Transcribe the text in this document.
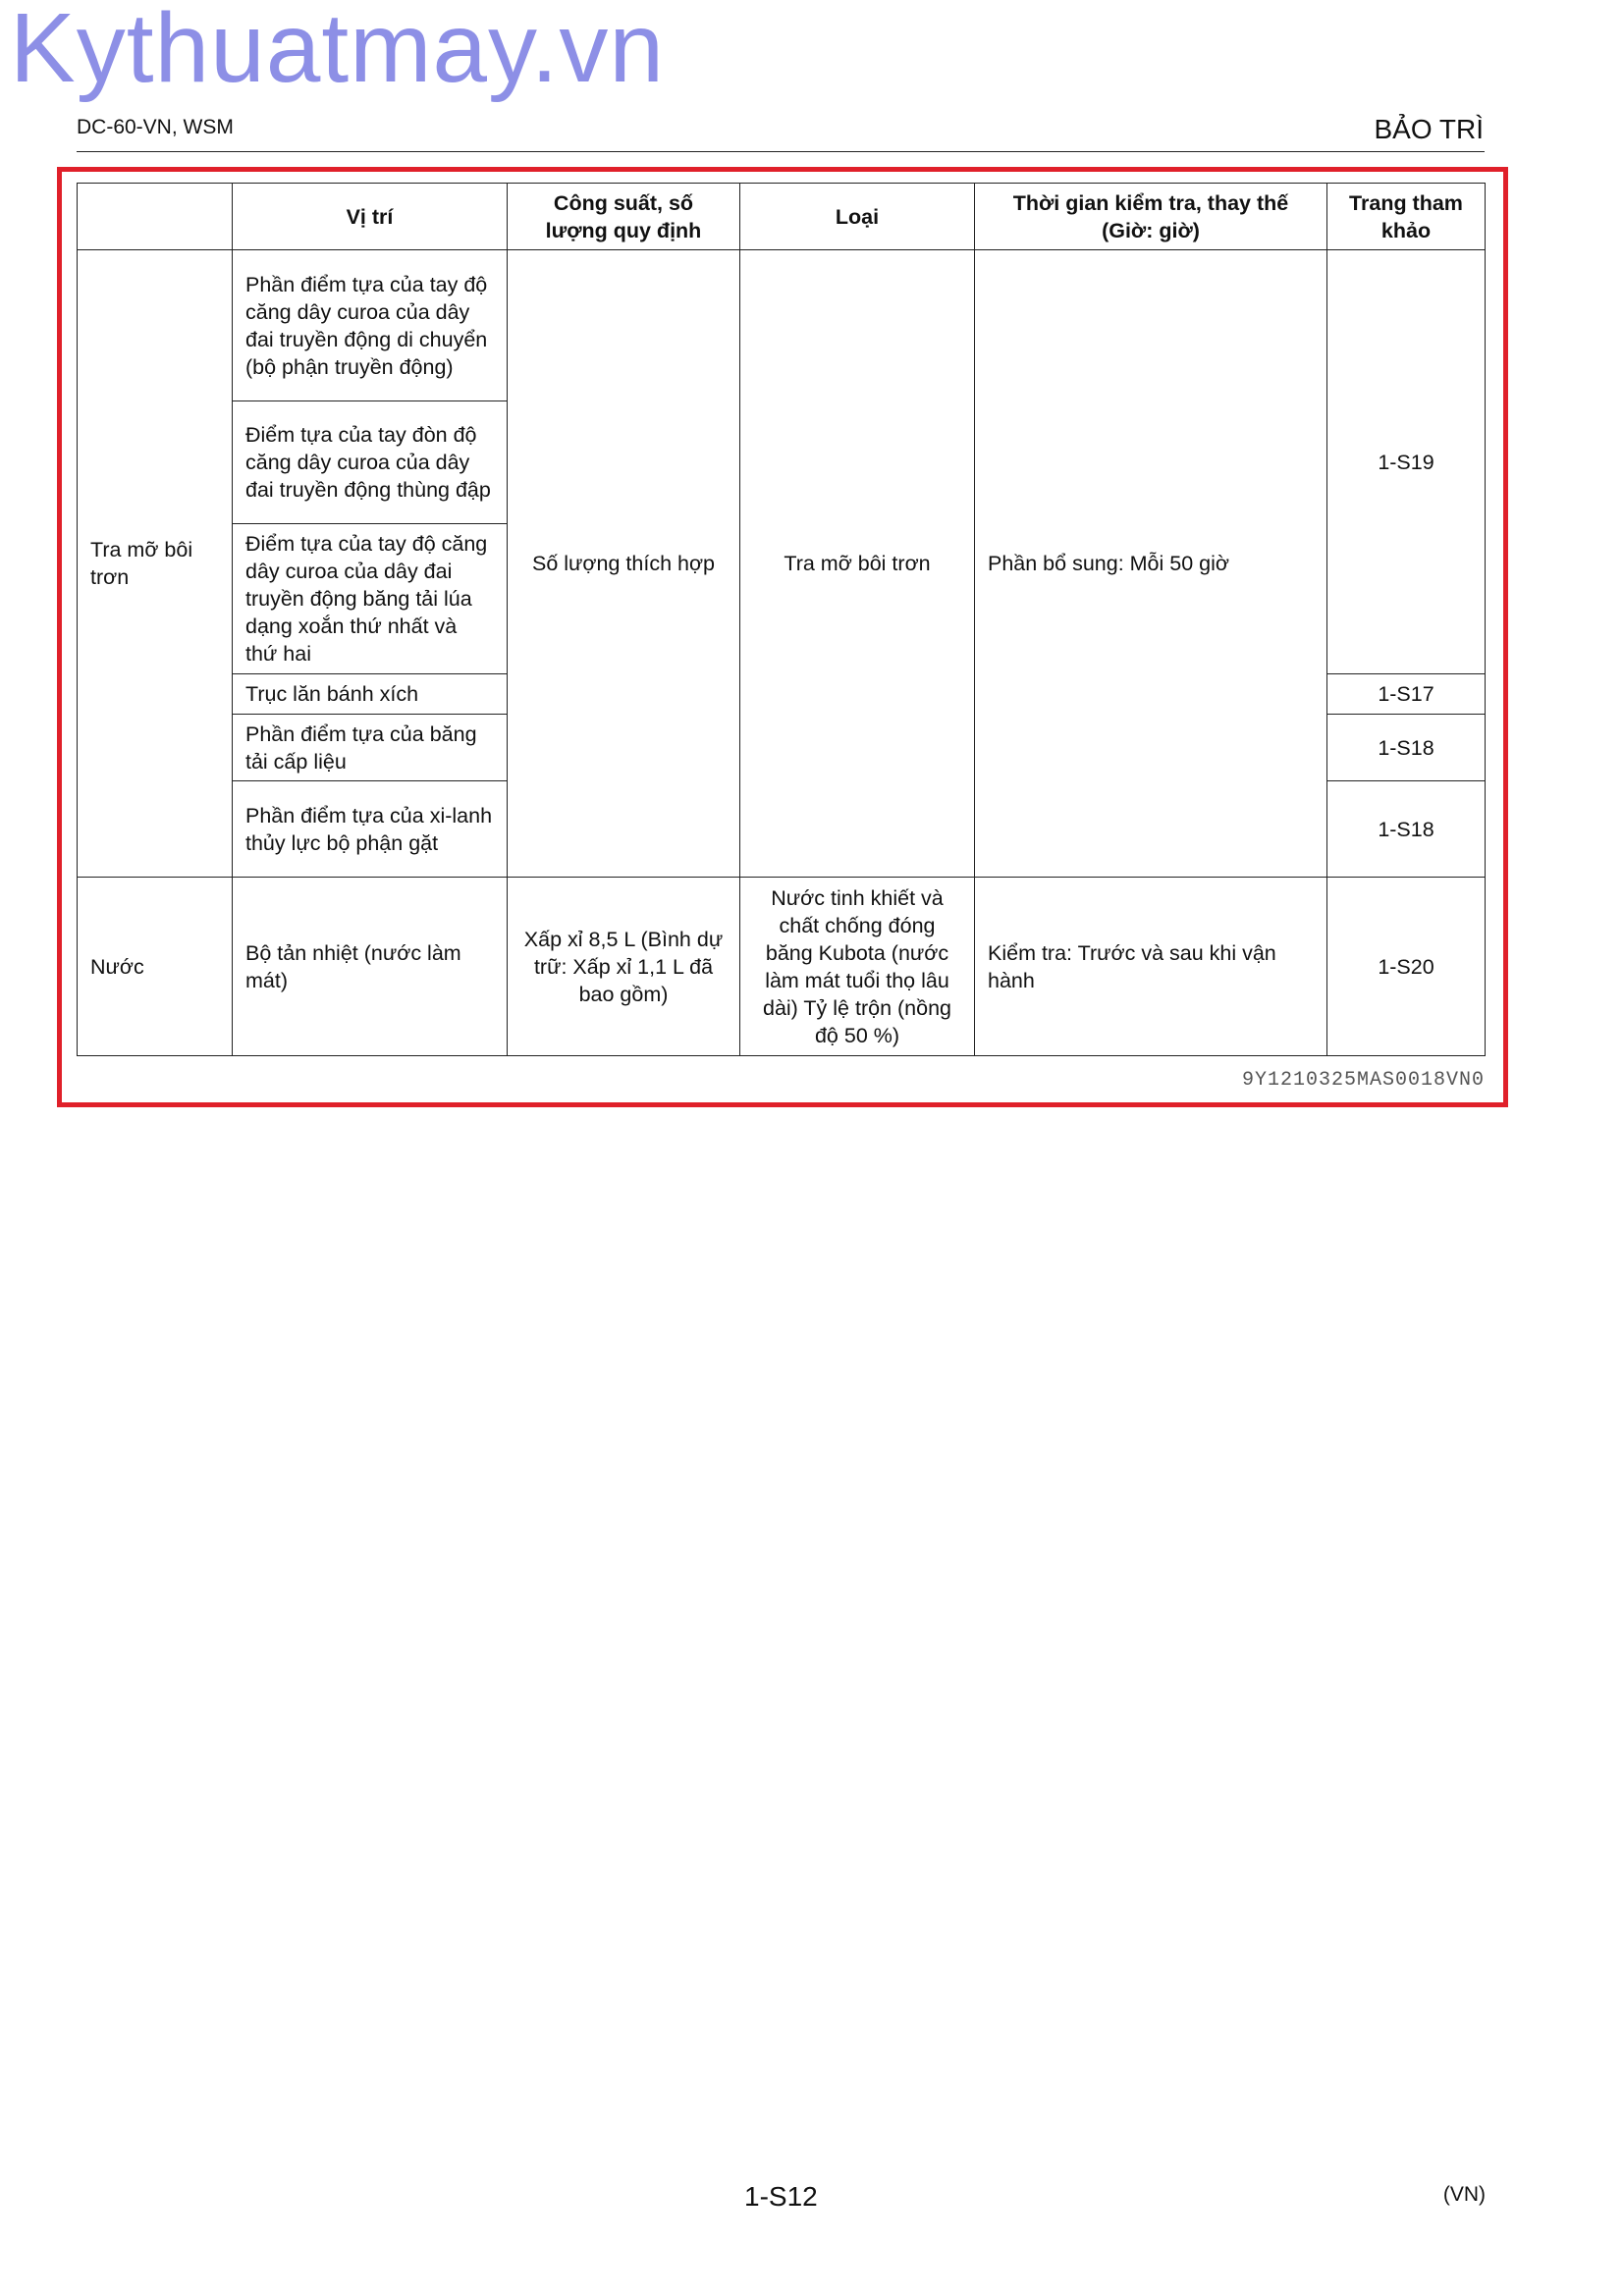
Kythuatmay.vn
DC-60-VN, WSM	BẢO TRÌ
	Vị trí	Công suất, số lượng quy định	Loại	Thời gian kiểm tra, thay thế (Giờ: giờ)	Trang tham khảo
Tra mỡ bôi trơn	Phần điểm tựa của tay độ căng dây curoa của dây đai truyền động di chuyển (bộ phận truyền động)	Số lượng thích hợp	Tra mỡ bôi trơn	Phần bổ sung: Mỗi 50 giờ	1-S19
	Điểm tựa của tay đòn độ căng dây curoa của dây đai truyền động thùng đập				
	Điểm tựa của tay độ căng dây curoa của dây đai truyền động băng tải lúa dạng xoắn thứ nhất và thứ hai				
	Trục lăn bánh xích				1-S17
	Phần điểm tựa của băng tải cấp liệu				1-S18
	Phần điểm tựa của xi-lanh thủy lực bộ phận gặt				1-S18
Nước	Bộ tản nhiệt (nước làm mát)	Xấp xỉ 8,5 L (Bình dự trữ: Xấp xỉ 1,1 L đã bao gồm)	Nước tinh khiết và chất chống đóng băng Kubota (nước làm mát tuổi thọ lâu dài) Tỷ lệ trộn (nồng độ 50 %)	Kiểm tra: Trước và sau khi vận hành	1-S20
9Y1210325MAS0018VN0
1-S12	(VN)
